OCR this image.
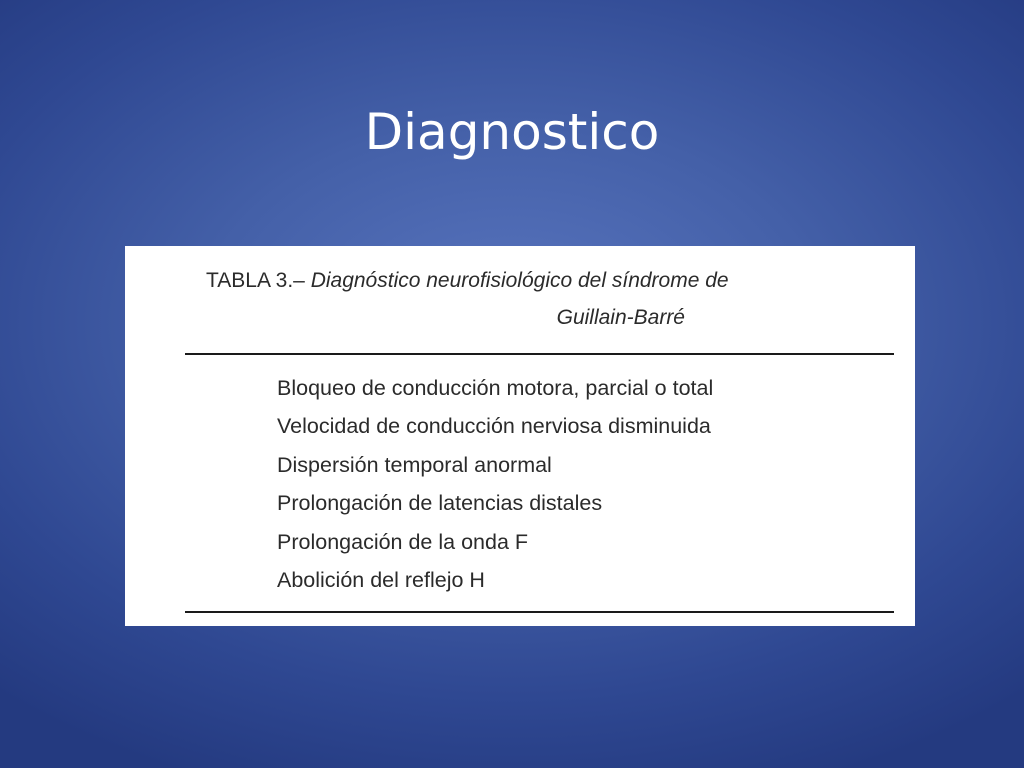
Diagnostico
TABLA 3.– Diagnóstico neurofisiológico del síndrome de
Guillain-Barré
Bloqueo de conducción motora, parcial o total
Velocidad de conducción nerviosa disminuida
Dispersión temporal anormal
Prolongación de latencias distales
Prolongación de la onda F
Abolición del reflejo H
